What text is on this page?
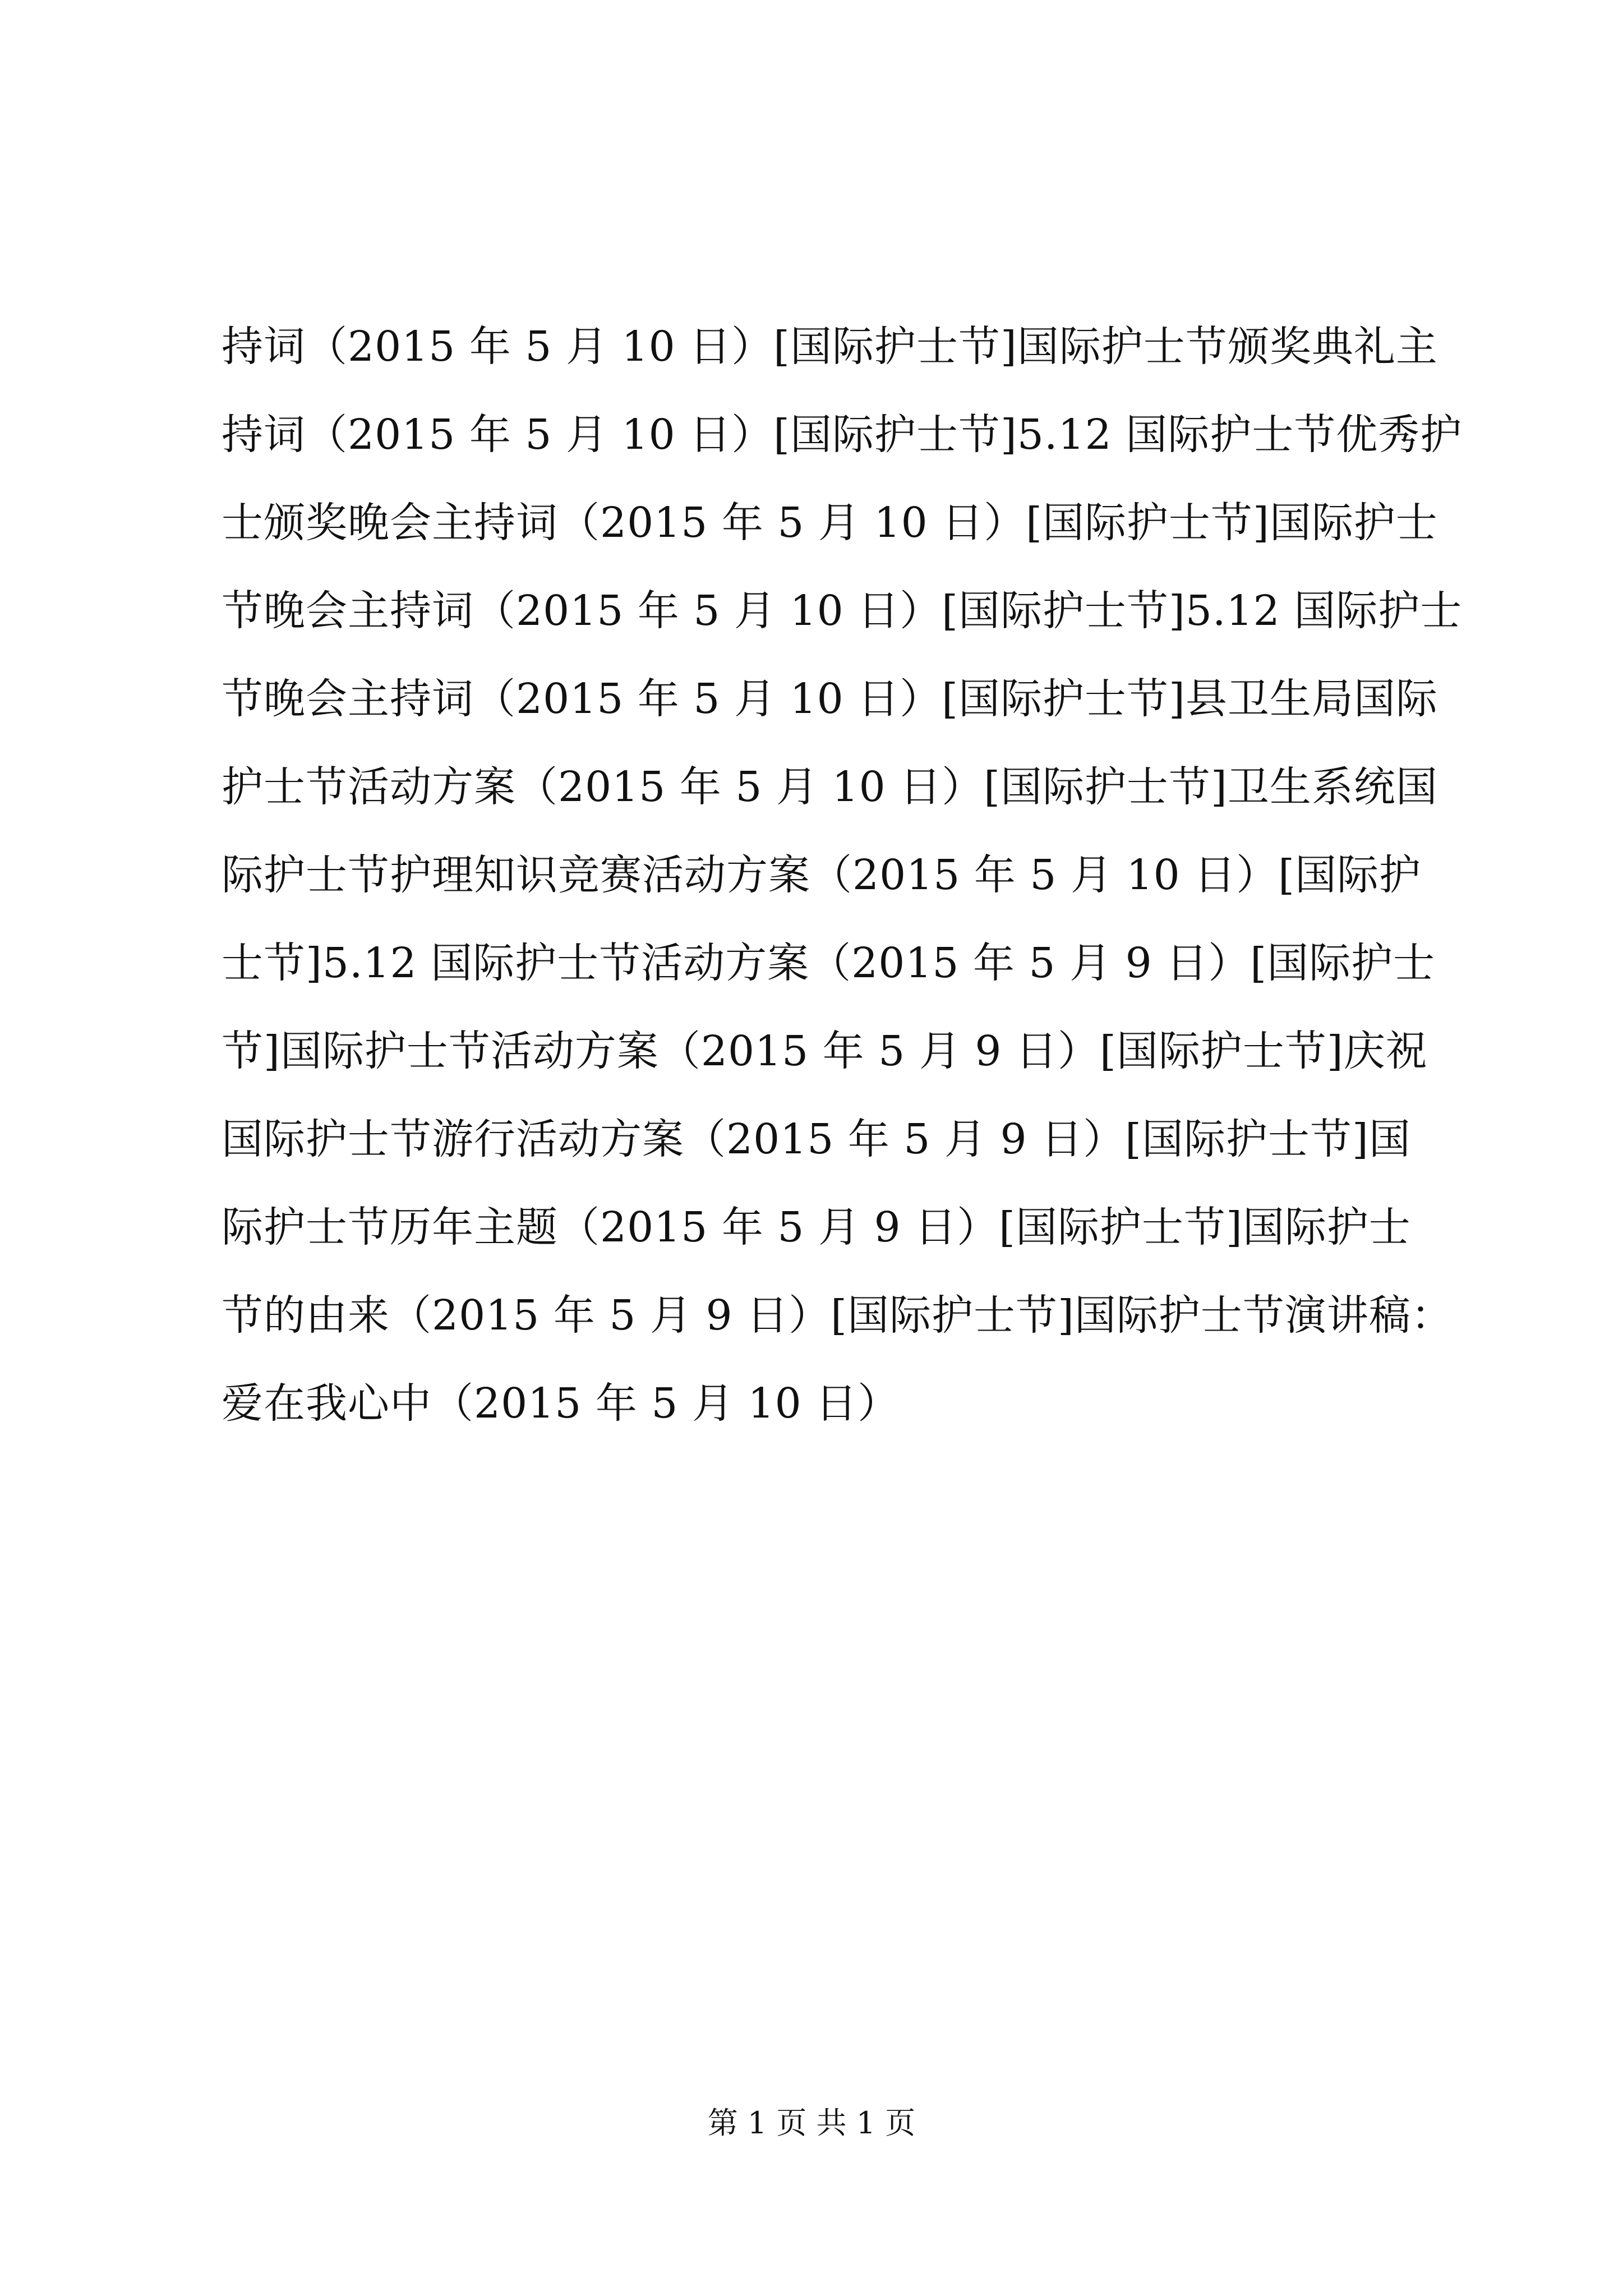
持词（2015 年 5 月 10 日）[国际护士节]国际护士节颁奖典礼主
持词（2015 年 5 月 10 日）[国际护士节]5.12 国际护士节优秀护
士颁奖晚会主持词（2015 年 5 月 10 日）[国际护士节]国际护士
节晚会主持词（2015 年 5 月 10 日）[国际护士节]5.12 国际护士
节晚会主持词（2015 年 5 月 10 日）[国际护士节]县卫生局国际
护士节活动方案（2015 年 5 月 10 日）[国际护士节]卫生系统国
际护士节护理知识竞赛活动方案（2015 年 5 月 10 日）[国际护
士节]5.12 国际护士节活动方案（2015 年 5 月 9 日）[国际护士
节]国际护士节活动方案（2015 年 5 月 9 日）[国际护士节]庆祝
国际护士节游行活动方案（2015 年 5 月 9 日）[国际护士节]国
际护士节历年主题（2015 年 5 月 9 日）[国际护士节]国际护士
节的由来（2015 年 5 月 9 日）[国际护士节]国际护士节演讲稿：
爱在我心中（2015 年 5 月 10 日）
第 1 页 共 1 页
